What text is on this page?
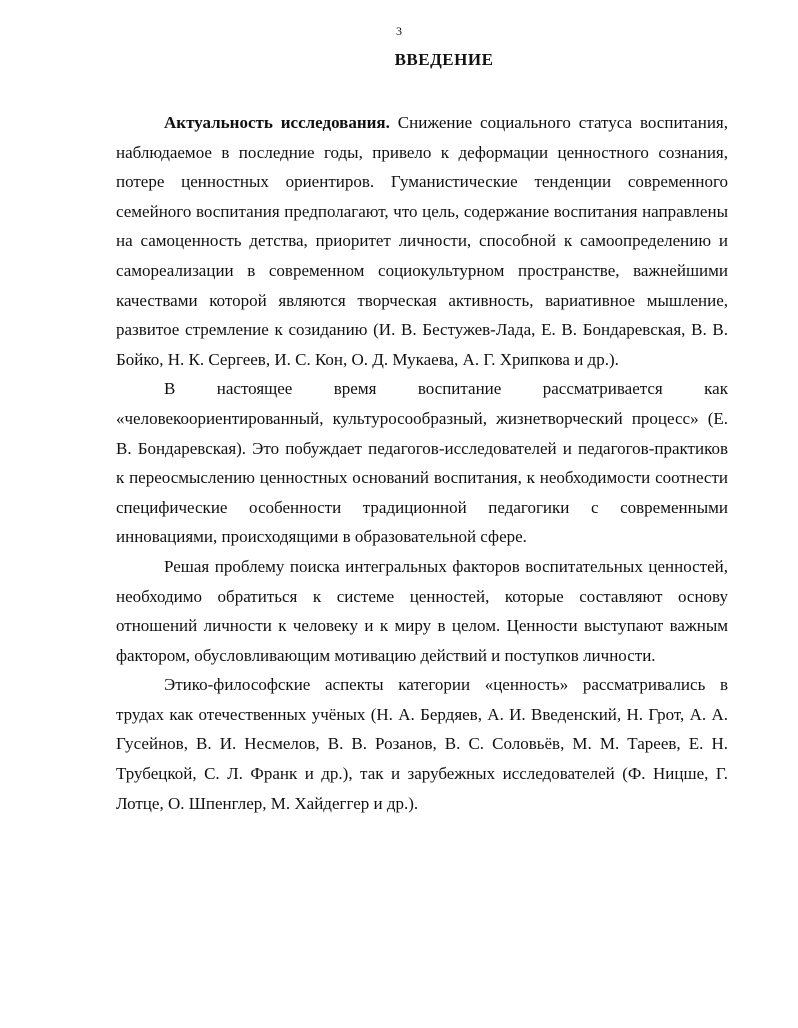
3
ВВЕДЕНИЕ

Актуальность исследования. Снижение социального статуса воспитания, наблюдаемое в последние годы, привело к деформации ценностного сознания, потере ценностных ориентиров. Гуманистические тенденции современного семейного воспитания предполагают, что цель, содержание воспитания направлены на самоценность детства, приоритет личности, способной к самоопределению и самореализации в современном социокультурном пространстве, важнейшими качествами которой являются творческая активность, вариативное мышление, развитое стремление к созиданию (И. В. Бестужев-Лада, Е. В. Бондаревская, В. В. Бойко, Н. К. Сергеев, И. С. Кон, О. Д. Мукаева, А. Г. Хрипкова и др.).

В настоящее время воспитание рассматривается как «человекоориентированный, культуросообразный, жизнетворческий процесс» (Е. В. Бондаревская). Это побуждает педагогов-исследователей и педагогов-практиков к переосмыслению ценностных оснований воспитания, к необходимости соотнести специфические особенности традиционной педагогики с современными инновациями, происходящими в образовательной сфере.

Решая проблему поиска интегральных факторов воспитательных ценностей, необходимо обратиться к системе ценностей, которые составляют основу отношений личности к человеку и к миру в целом. Ценности выступают важным фактором, обусловливающим мотивацию действий и поступков личности.

Этико-философские аспекты категории «ценность» рассматривались в трудах как отечественных учёных (Н. А. Бердяев, А. И. Введенский, Н. Грот, А. А. Гусейнов, В. И. Несмелов, В. В. Розанов, В. С. Соловьёв, М. М. Тареев, Е. Н. Трубецкой, С. Л. Франк и др.), так и зарубежных исследователей (Ф. Ницше, Г. Лотце, О. Шпенглер, М. Хайдеггер и др.).
